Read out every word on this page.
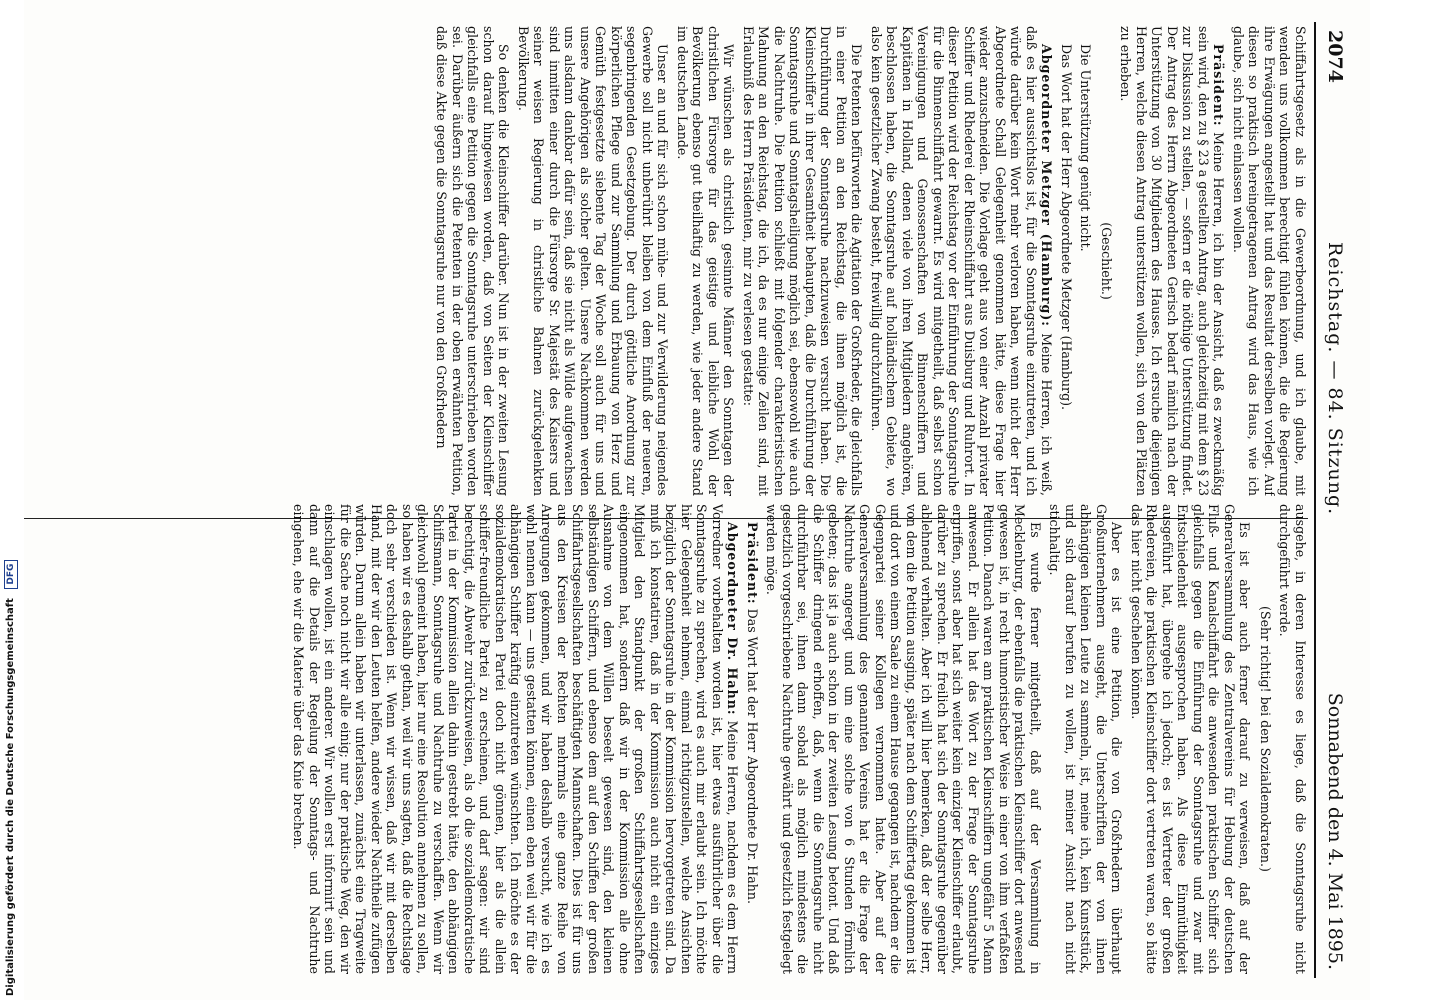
2074
Reichstag. — 84. Sitzung.
Sonnabend den 4. Mai 1895.

Schiffahrtsgesetz als in die Gewerbeordnung, und ich glaube, mit wenden uns vollkommen berechtigt fühlen können, die die Regierung ihre Erwägungen angestellt hat und das Resultat derselben vorlegt. Auf diesen so praktisch hereingetragenen Antrag wird das Haus, wie ich glaube, sich nicht einlassen wollen.

Präsident: Meine Herren, ich bin der Ansicht, daß es zweckmäßig sein wird, den zu § 23 a gestellten Antrag, auch gleichzeitig mit dem § 23 zur Diskussion zu stellen, — sofern er die nöthige Unterstützung findet. Der Antrag des Herrn Abgeordneten Gerisch bedarf nämlich nach der Unterstützung von 30 Mitgliedern des Hauses. Ich ersuche diejenigen Herren, welche diesen Antrag unterstützen wollen, sich von den Plätzen zu erheben.

(Geschieht.)

Die Unterstützung genügt nicht.

Das Wort hat der Herr Abgeordnete Metzger (Hamburg).

Abgeordneter Metzger (Hamburg): Meine Herren, ich weiß, daß es hier aussichtslos ist, für die Sonntagsruhe einzutreten, und ich würde darüber kein Wort mehr verloren haben, wenn nicht der Herr Abgeordnete Schall Gelegenheit genommen hätte, diese Frage hier wieder anzuschneiden. Die Vorlage geht aus von einer Anzahl privater Schiffer und Rhederei der Rheinschiffahrt aus Duisburg und Ruhrort. In dieser Petition wird der Reichstag vor der Einführung der Sonntagsruhe für die Binnenschiffahrt gewarnt. Es wird mitgetheilt, daß selbst schon Vereinigungen und Genossenschaften von Binnenschiffern und Kapitänen in Holland, denen viele von ihren Mitgliedern angehören, beschlossen haben, die Sonntagsruhe auf holländischem Gebiete, wo also kein gesetzlicher Zwang besteht, freiwillig durchzuführen.

Die Petenten befürworten die Agitation der Großrheder, die gleichfalls in einer Petition an den Reichstag, die ihnen möglich ist, die Durchführung der Sonntagsruhe nachzuweisen versucht haben. Die Kleinschiffer in ihrer Gesamtheit behaupten, daß die Durchführung der Sonntagsruhe und Sonntagsheiligung möglich sei, ebensowohl wie auch die Nachtruhe. Die Petition schließt mit folgender charakteristischen Mahnung an den Reichstag, die ich, da es nur einige Zeilen sind, mit Erlaubniß des Herrn Präsidenten, mir zu verlesen gestatte:

Wir wünschen als christlich gesinnte Männer den Sonntagen der christlichen Fürsorge für das geistige und leibliche Wohl der Bevölkerung ebenso gut theilhaftig zu werden, wie jeder andere Stand im deutschen Lande.

Unser an und für sich schon mühe- und zur Verwilderung neigendes Gewerbe soll nicht unberührt bleiben von dem Einfluß der neueren, segenbringenden Gesetzgebung. Der durch göttliche Anordnung zur körperlichen Pflege und zur Sammlung und Erbauung von Herz und Gemüth festgesetzte siebente Tag der Woche soll auch für uns und unsere Angehörigen als solcher gelten. Unsere Nachkommen werden uns alsdann dankbar dafür sein, daß sie nicht als Wilde aufgewachsen sind inmitten einer durch die Fürsorge Sr. Majestät des Kaisers und seiner weisen Regierung in christliche Bahnen zurückgelenkten Bevölkerung.

So denken die Kleinschiffer darüber. Nun ist in der zweiten Lesung schon darauf hingewiesen worden, daß von Seiten der Kleinschiffer gleichfalls eine Petition gegen die Sonntagsruhe unterschrieben worden sei. Darüber äußern sich die Petenten in der oben erwähnten Petition, daß diese Akte gegen die Sonntagsruhe nur von den Großrhedern

ausgehe, in deren Interesse es liege, daß die Sonntagsruhe nicht durchgeführt werde.

(Sehr richtig! bei den Sozialdemokraten.)

Es ist aber auch ferner darauf zu verweisen, daß auf der Generalversammlung des Zentralvereins für Hebung der deutschen Fluß- und Kanalschiffahrt die anwesenden praktischen Schiffer sich gleichfalls gegen die Einführung der Sonntagsruhe und zwar mit Entschiedenheit ausgesprochen haben. Als diese Einmüthigkeit ausgeführt hat, übergehe ich jedoch; es ist Vertreter der großen Rhedereien, die praktischen Kleinschiffer dort vertreten waren, so hätte das hier nicht geschehen können.

Aber es ist eine Petition, die von Großrhedern überhaupt Großunternehmern ausgeht, die Unterschriften der von ihnen abhängigen kleinen Leute zu sammeln, ist, meine ich, kein Kunststück, und sich darauf berufen zu wollen, ist meiner Ansicht nach nicht stichhaltig.

Es wurde ferner mitgetheilt, daß auf der Versammlung in Mecklenburg, der ebenfalls die praktischen Kleinschiffer dort anwesend gewesen ist, in recht humoristischer Weise in einer von ihm verfaßten Petition. Danach waren am praktischen Kleinschiffern ungefähr 5 Mann anwesend. Er allein hat das Wort zu der Frage der Sonntagsruhe ergriffen, sonst aber hat sich weiter kein einziger Kleinschiffer erlaubt, darüber zu sprechen. Er freilich hat sich der Sonntagsruhe gegenüber ablehnend verhalten. Aber ich will hier bemerken, daß der selbe Herr, von dem die Petition ausging, später nach dem Schiffertag gekommen ist und dort von einem Saale zu einem Hause gegangen ist, nachdem er die Gegenpartei seiner Kollegen vernommen hatte. Aber auf der Generalversammlung des genannten Vereins hat er die Frage der Nachtruhe angeregt und um eine solche von 6 Stunden förmlich gebeten; das ist ja auch schon in der zweiten Lesung betont. Und daß die Schiffer dringend erhoffen, daß, wenn die Sonntagsruhe nicht durchführbar sei, ihnen dann sobald als möglich mindestens die gesetzlich vorgeschriebene Nachtruhe gewährt und gesetzlich festgelegt werden möge.

Präsident: Das Wort hat der Herr Abgeordnete Dr. Hahn.

Abgeordneter Dr. Hahn: Meine Herren, nachdem es dem Herrn Vorredner vorbehalten worden ist, hier etwas ausführlicher über die Sonntagsruhe zu sprechen, wird es auch mir erlaubt sein. Ich möchte hier Gelegenheit nehmen, einmal richtigzustellen, welche Ansichten bezüglich der Sonntagsruhe in der Kommission hervorgetreten sind. Da muß ich konstatiren, daß in der Kommission auch nicht ein einziges Mitglied den Standpunkt der großen Schiffahrtsgesellschaften eingenommen hat, sondern daß wir in der Kommission alle ohne Ausnahme von dem Willen beseelt gewesen sind, den kleinen selbständigen Schiffern, und ebenso dem auf den Schiffen der großen Schiffahrtsgesellschaften beschäftigten Mannschaften. Dies ist für uns aus den Kreisen der Rechten mehrmals eine ganze Reihe von Anregungen gekommen, und wir haben deshalb versucht, wie ich es wohl nennen kann — uns gestatten können, einen eben weil wir für die abhängigen Schiffer kräftig einzutreten wünschten. Ich möchte es der sozialdemokratischen Partei doch nicht gönnen, hier als die allein schiffer-freundliche Partei zu erscheinen, und darf sagen: wir sind berechtigt, die Abwehr zurückzuweisen, als ob die sozialdemokratische Partei in der Kommission allein dahin gestrebt hätte, den abhängigen Schiffsmann, Sonntagsruhe und Nachtruhe zu verschaffen. Wenn wir gleichwohl gemeint haben, hier nur eine Resolution annehmen zu sollen, so haben wir es deshalb gethan, weil wir uns sagten, daß die Rechtslage doch sehr verschieden ist. Wenn wir wissen, daß wir mit derselben Hand, mit der wir den Leuten helfen, andere wieder Nachtheile zufügen würden. Darum allein haben wir unterlassen, zunächst eine Tragweite für die Sache noch nicht wir alle einig; nur der praktische Weg, den wir einschlagen wollen, ist ein anderer. Wir wollen erst informirt sein und dann auf die Details der Regelung der Sonntags- und Nachtruhe eingehen, ehe wir die Materie über das Knie brechen.

Digitalisierung gefördert durch die Deutsche Forschungsgemeinschaft DFG
